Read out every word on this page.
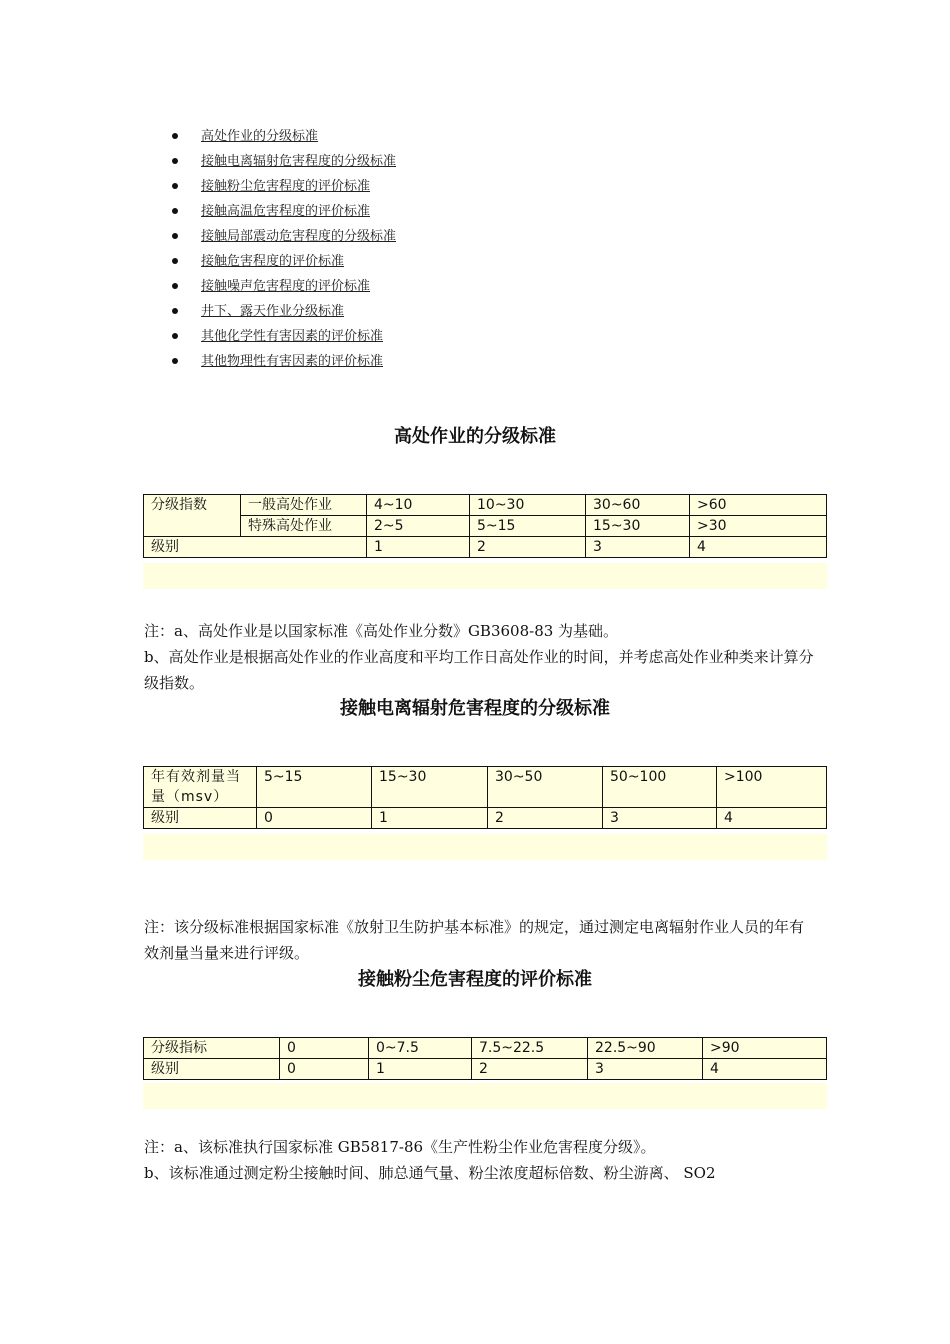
高处作业的分级标准
接触电离辐射危害程度的分级标准
接触粉尘危害程度的评价标准
接触高温危害程度的评价标准
接触局部震动危害程度的分级标准
接触危害程度的评价标准
接触噪声危害程度的评价标准
井下、露天作业分级标准
其他化学性有害因素的评价标准
其他物理性有害因素的评价标准
高处作业的分级标准
分级指数	一般高处作业	4~10	10~30	30~60	>60
	特殊高处作业	2~5	5~15	15~30	>30
级别		1	2	3	4

注：a、高处作业是以国家标准《高处作业分数》GB3608-83 为基础。

b、高处作业是根据高处作业的作业高度和平均工作日高处作业的时间，并考虑高处作业种类来计算分级指数。

接触电离辐射危害程度的分级标准
年有效剂量当量（msv）	5~15	15~30	30~50	50~100	>100
级别	0	1	2	3	4

注：该分级标准根据国家标准《放射卫生防护基本标准》的规定，通过测定电离辐射作业人员的年有效剂量当量来进行评级。

接触粉尘危害程度的评价标准
分级指标	0	0~7.5	7.5~22.5	22.5~90	>90
级别	0	1	2	3	4

注：a、该标准执行国家标准 GB5817-86《生产性粉尘作业危害程度分级》。

b、该标准通过测定粉尘接触时间、肺总通气量、粉尘浓度超标倍数、粉尘游离、 SO2
